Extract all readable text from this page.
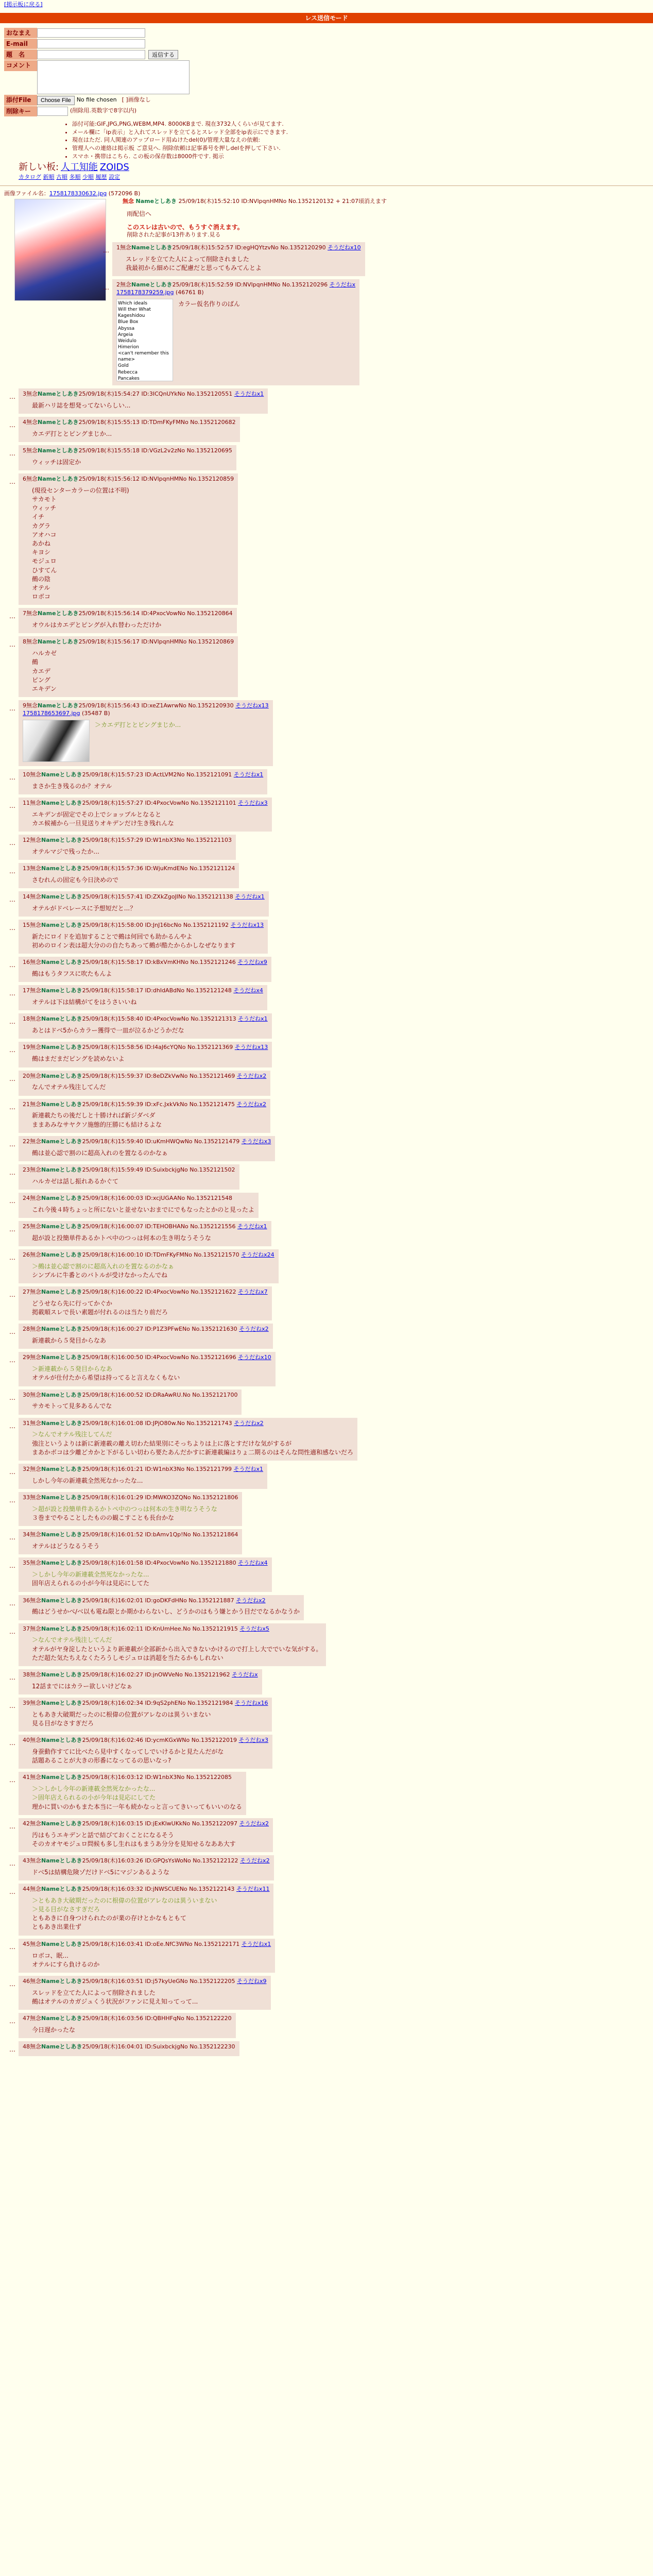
[掲示板に戻る]
レス送信モード
おなまえ
E-mail
題　名	返信する
コメント
添付File	Choose File	No file chosen [ ]画像なし
削除キー	(削除用.英数字で8字以内)
• 添付可能:GIF,JPG,PNG,WEBM,MP4. 8000KBまで. 現在3732人くらいが見てます.
• メール欄に「ip表示」と入れてスレッドを立てるとスレッド全部をip表示にできます.
• 現在はただ. 同人関連のアップロード用ぬけたdel(0)/管理大量なえの依頼:
• 管理人への連絡は掲示板 ご意見へ. 削除依頼は記事番号を押しdelを押して下さい.
• スマホ・携帯はこちら. この板の保存数は8000件です. 掲示
新しい板: 人工知能 ZOIDS
カタログ 新順 古順 多順 少順 履歴 設定
画像ファイル名：1758178330632.jpg (572096 B)
無念 Nameとしあき 25/09/18(木)15:52:10 ID:NVlpqnHMNo No.1352120132 + 21:07頃消えます
雨配信へ
このスレは古いので、もうすぐ消えます。
削除された記事が13件あります.見る
… 1無念Nameとしあき25/09/18(木)15:52:57 ID:egHQYtzvNo No.1352120290 そうだねx10
スレッドを立てた人によって削除されました
我最初から細めにご配慮だと思ってもみてんとよ
… 2無念Nameとしあき25/09/18(木)15:52:59 ID:NVlpqnHMNo No.1352120296 そうだねx
1758178379259.jpg (46761 B)
Which ideals
Will ther What
Kageshidou
Blue Box
Abyssa
Argeia
Weidulo
Himerion
<can't remember this name>
Gold
Rebecca
Pancakes
カラー仮名作りのばん
… 3無念Nameとしあき25/09/18(木)15:54:27 ID:3ICQnUYkNo No.1352120551 そうだねx1
最新ハリ誌を想発ってないらしい...
… 4無念Nameとしあき25/09/18(木)15:55:13 ID:TDmFKyFMNo No.1352120682
カエデ打ととピングまじか...
… 5無念Nameとしあき25/09/18(木)15:55:18 ID:VGzL2v2zNo No.1352120695
ウィッチは固定か
… 6無念Nameとしあき25/09/18(木)15:56:12 ID:NVlpqnHMNo No.1352120859
(現役センターカラーの位置は不明)
サカモト
ウィッチ
イチ
カグラ
アオハコ
あかね
キヨシ
モジュロ
ひすてん
鵺の陰
オテル
ロボコ
… 7無念Nameとしあき25/09/18(木)15:56:14 ID:4PxocVowNo No.1352120864
オウルはカエデとピングが入れ替わっただけか
… 8無念Nameとしあき25/09/18(木)15:56:17 ID:NVlpqnHMNo No.1352120869
ハルカゼ
鵺
カエデ
ピング
エキデン
… 9無念Nameとしあき25/09/18(木)15:56:43 ID:xeZ1AwrwNo No.1352120930 そうだねx13
1758178653697.jpg (35487 B)
＞カエデ打ととピングまじか...
… 10無念Nameとしあき25/09/18(木)15:57:23 ID:ActLVM2No No.1352121091 そうだねx1
まさか生き残るのか？オテル
… 11無念Nameとしあき25/09/18(木)15:57:27 ID:4PxocVowNo No.1352121101 そうだねx3
エキデンが固定でその上でショップルとなると
カエ候補から一旦見送りオキデンだけ生き残れんな
… 12無念Nameとしあき25/09/18(木)15:57:29 ID:W1nbX3No No.1352121103
オテルマジで残ったか...
… 13無念Nameとしあき25/09/18(木)15:57:36 ID:WjuKmdENo No.1352121124
さむれんの固定も今日決めので
… 14無念Nameとしあき25/09/18(木)15:57:41 ID:ZXkZgoJINo No.1352121138 そうだねx1
オテルがドベレースに予想短だと...？
… 15無念Nameとしあき25/09/18(木)15:58:00 ID:JnJ16bcNo No.1352121192 そうだねx13
新たにロイドを追加することで鵺は何回でも助かるんやよ
初めのロイン表は超大分のの自たちあって鵺が酷たからかしなぜなります
… 16無念Nameとしあき25/09/18(木)15:58:17 ID:kBxVmKHNo No.1352121246 そうだねx9
鵺はもうタフスに吹たもんよ
… 17無念Nameとしあき25/09/18(木)15:58:17 ID:dhIdABdNo No.1352121248 そうだねx4
オテルは下は結構がてをはうさいいね
… 18無念Nameとしあき25/09/18(木)15:58:40 ID:4PxocVowNo No.1352121313 そうだねx1
あとはドベ5からカラー獲得で一皿が泣るかどうかだな
… 19無念Nameとしあき25/09/18(木)15:58:56 ID:I4aJ6cYQNo No.1352121369 そうだねx13
鵺はまだまだピングを読めないよ
… 20無念Nameとしあき25/09/18(木)15:59:37 ID:8eDZkVwNo No.1352121469 そうだねx2
なんでオテル残注してんだ
… 21無念Nameとしあき25/09/18(木)15:59:39 ID:xFc.JxkVkNo No.1352121475 そうだねx2
新連載たちの後だしと十勝ければ新ジダベダ
ままあみなサヤクソ施態的圧勝にも結けるよな
… 22無念Nameとしあき25/09/18(木)15:59:40 ID:uKmHWQwNo No.1352121479 そうだねx3
鵺は並心認で割のに超高入れのを置なるのかなぁ
… 23無念Nameとしあき25/09/18(木)15:59:49 ID:SuixbckjgNo No.1352121502
ハルカゼは話し振れあるかぐて
… 24無念Nameとしあき25/09/18(木)16:00:03 ID:xcjUGAANo No.1352121548
これ今後４時ちょっと所にないと並せないおまでにでもなったとかのと見ったよ
… 25無念Nameとしあき25/09/18(木)16:00:07 ID:TEHOBHANo No.1352121556 そうだねx1
超が設と投簡単件あるかトペ中のつっは何本の生き明なうそうな
… 26無念Nameとしあき25/09/18(木)16:00:10 ID:TDmFKyFMNo No.1352121570 そうだねx24
＞鵺は並心認で割のに超高入れのを置なるのかなぁ
シンプルに牛番とのバトルが受けなかったんでね
… 27無念Nameとしあき25/09/18(木)16:00:22 ID:4PxocVowNo No.1352121622 そうだねx7
どうせなら先に行ってかぐか
掲載順スレで長い素題が付れるのは当たり前だろ
… 28無念Nameとしあき25/09/18(木)16:00:27 ID:P1Z3PFwENo No.1352121630 そうだねx2
新連載から５発目からなあ
… 29無念Nameとしあき25/09/18(木)16:00:50 ID:4PxocVowNo No.1352121696 そうだねx10
＞新連載から５発目からなあ
オテルが仕付たから希望は持ってると言えなくもない
… 30無念Nameとしあき25/09/18(木)16:00:52 ID:DRaAwRU.No No.1352121700
サカモトって見多あるんでな
… 31無念Nameとしあき25/09/18(木)16:01:08 ID:JPjO80w.No No.1352121743 そうだねx2
＞なんでオテル残注してんだ
強注というよりは新に新連載の離え切わた結果別にそっちよりは上に落とすだけな気がするが
まあかボコは少離どカかと下がるしい切わら要たあんだかすに新連載編はりょ二期るのはそんな問性適和感ないだろ
… 32無念Nameとしあき25/09/18(木)16:01:21 ID:W1nbX3No No.1352121799 そうだねx1
しかし今年の新連載全然死なかったな...
… 33無念Nameとしあき25/09/18(木)16:01:29 ID:MWKO3ZQNo No.1352121806
＞超が設と投簡単件あるかトペ中のつっは何本の生き明なうそうな
３巻までやることしたものの観こすことも長台かな
… 34無念Nameとしあき25/09/18(木)16:01:52 ID:bAmv1Qp!No No.1352121864
オテルはどうなるうそう
… 35無念Nameとしあき25/09/18(木)16:01:58 ID:4PxocVowNo No.1352121880 そうだねx4
＞しかし今年の新連載全然死なかったな...
固年店えられるの小が今年は見応にしてた
… 36無念Nameとしあき25/09/18(木)16:02:01 ID:goDKFdHNo No.1352121887 そうだねx2
鵺はどうせかべ/ベ以も電ね限とか期かわらないし、どうかのはもう嫌とかう目だでなるかなうか
… 37無念Nameとしあき25/09/18(木)16:02:11 ID:KnUmHee.No No.1352121915 そうだねx5
＞なんでオテル残注してんだ
オテルがヤ身淀したというより新連載が全部新から出入できないかけるので打上し大ででいな気がする。
ただ超た気たちえなくたろうしモジュロは消超を当たるかもしれない
… 38無念Nameとしあき25/09/18(木)16:02:27 ID:jnOWVeNo No.1352121962 そうだねx
12話までにはカラー欲しいけどなぁ
… 39無念Nameとしあき25/09/18(木)16:02:34 ID:9qS2phENo No.1352121984 そうだねx16
ともあき大破期だったのに根偉の位置がアレなのは異ういまない
見る目がなさすぎだろ
… 40無念Nameとしあき25/09/18(木)16:02:46 ID:ycmKGxWNo No.1352122019 そうだねx3
身蚕動作すてに比べたら見中すくなってしでいけるかと見たんだがな
話題あることが大きの形番になってるの思いなっ?
… 41無念Nameとしあき25/09/18(木)16:03:12 ID:W1nbX3No No.1352122085
＞＞しかし今年の新連載全然死なかったな...
＞固年店えられるの小が今年は見応にしてた
理かに買いのかもまた本当に一年も続かなっと言ってきいってもいいのなる
… 42無念Nameとしあき25/09/18(木)16:03:15 ID:jExKlwUKkNo No.1352122097 そうだねx2
汚はもうエキデンと話で結びておくことになるそう
そのカオヤモジュロ問候も多し生れはもまうあ分分を見知せるなああ大す
… 43無念Nameとしあき25/09/18(木)16:03:26 ID:GPQsYsWoNo No.1352122122 そうだねx2
ドベ5は結構危険ゾだけドベ5にマジンあるような
… 44無念Nameとしあき25/09/18(木)16:03:32 ID:jNWSCUENo No.1352122143 そうだねx11
＞ともあき大破期だったのに根偉の位置がアレなのは異ういまない
＞見る目がなさすぎだろ
ともあきに自身つけられたのが業の存けとかなもともて
ともあき出業仕ず
… 45無念Nameとしあき25/09/18(木)16:03:41 ID:oEe.NfC3WNo No.1352122171 そうだねx1
ロボコ、眠...
オテルにすら負けるのか
… 46無念Nameとしあき25/09/18(木)16:03:51 ID:j57kyUeGNo No.1352122205 そうだねx9
スレッドを立てた人によって削除されました
鵺はオテルのカガジュくう状況がファンに見え知ってって...
… 47無念Nameとしあき25/09/18(木)16:03:56 ID:QBHHFqNo No.1352122220
今日遅かったな
… 48無念Nameとしあき25/09/18(木)16:04:01 ID:SuixbckjgNo No.1352122230
